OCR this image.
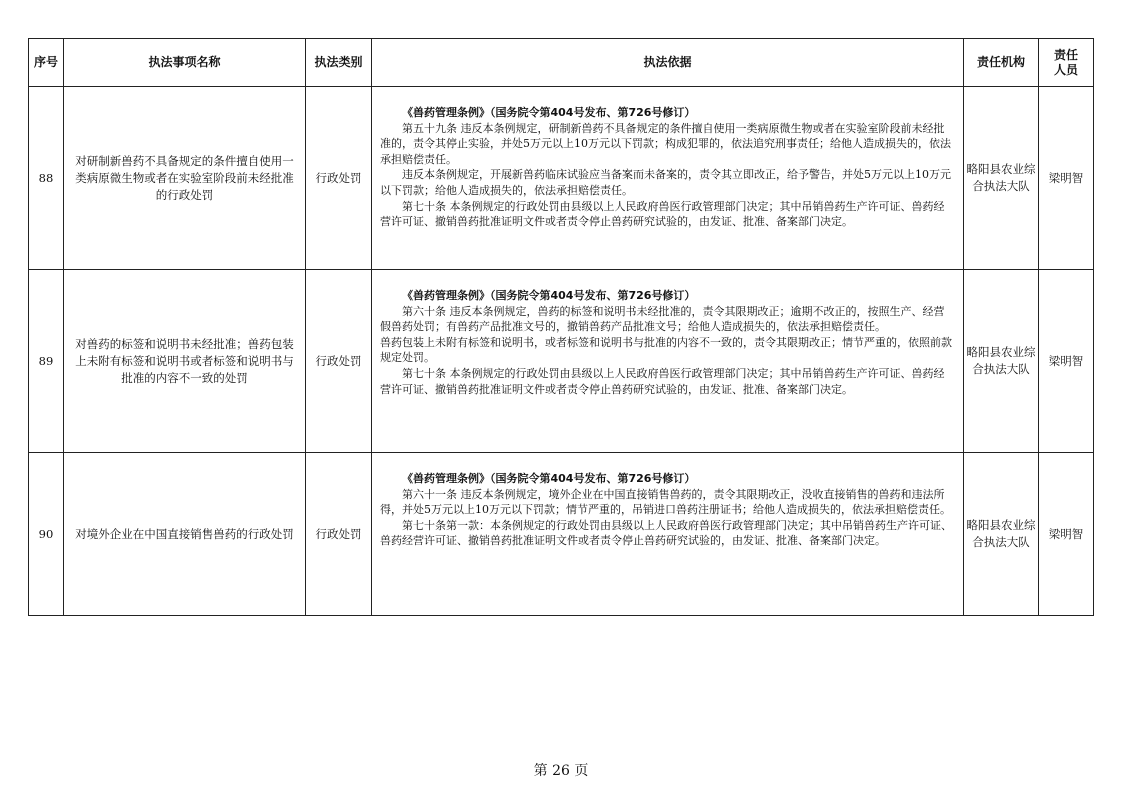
序号	执法事项名称	执法类别	执法依据	责任机构	责任人员
88	对研制新兽药不具备规定的条件擅自使用一类病原微生物或者在实验室阶段前未经批准的行政处罚	行政处罚	《兽药管理条例》（国务院令第404号发布、第726号修订）
第五十九条 违反本条例规定，研制新兽药不具备规定的条件擅自使用一类病原微生物或者在实验室阶段前未经批准的，责令其停止实验，并处5万元以上10万元以下罚款；构成犯罪的，依法追究刑事责任；给他人造成损失的，依法承担赔偿责任。
违反本条例规定，开展新兽药临床试验应当备案而未备案的，责令其立即改正，给予警告，并处5万元以上10万元以下罚款；给他人造成损失的，依法承担赔偿责任。
第七十条 本条例规定的行政处罚由县级以上人民政府兽医行政管理部门决定；其中吊销兽药生产许可证、兽药经营许可证、撤销兽药批准证明文件或者责令停止兽药研究试验的，由发证、批准、备案部门决定。	略阳县农业综合执法大队	梁明智
89	对兽药的标签和说明书未经批准；兽药包装上未附有标签和说明书或者标签和说明书与批准的内容不一致的处罚	行政处罚	《兽药管理条例》（国务院令第404号发布、第726号修订）
第六十条 违反本条例规定，兽药的标签和说明书未经批准的，责令其限期改正；逾期不改正的，按照生产、经营假兽药处罚；有兽药产品批准文号的，撤销兽药产品批准文号；给他人造成损失的，依法承担赔偿责任。
兽药包装上未附有标签和说明书，或者标签和说明书与批准的内容不一致的，责令其限期改正；情节严重的，依照前款规定处罚。
第七十条 本条例规定的行政处罚由县级以上人民政府兽医行政管理部门决定；其中吊销兽药生产许可证、兽药经营许可证、撤销兽药批准证明文件或者责令停止兽药研究试验的，由发证、批准、备案部门决定。	略阳县农业综合执法大队	梁明智
90	对境外企业在中国直接销售兽药的行政处罚	行政处罚	《兽药管理条例》（国务院令第404号发布、第726号修订）
第六十一条 违反本条例规定，境外企业在中国直接销售兽药的，责令其限期改正，没收直接销售的兽药和违法所得，并处5万元以上10万元以下罚款；情节严重的，吊销进口兽药注册证书；给他人造成损失的，依法承担赔偿责任。
第七十条第一款：本条例规定的行政处罚由县级以上人民政府兽医行政管理部门决定；其中吊销兽药生产许可证、兽药经营许可证、撤销兽药批准证明文件或者责令停止兽药研究试验的，由发证、批准、备案部门决定。	略阳县农业综合执法大队	梁明智
第 26 页
